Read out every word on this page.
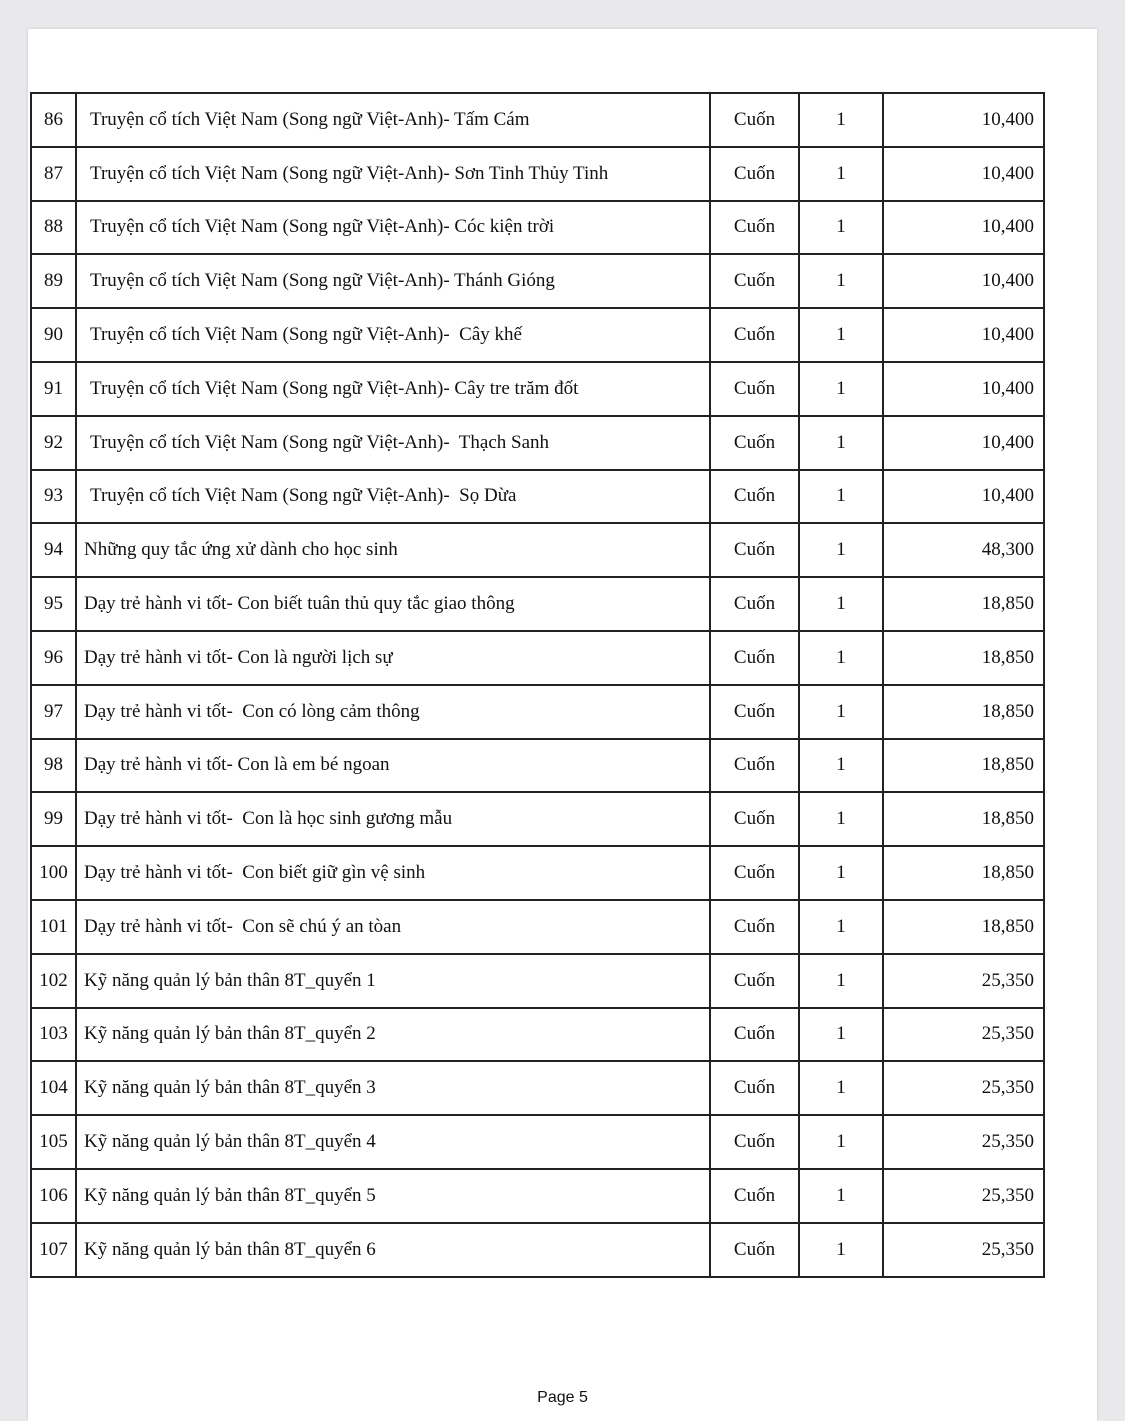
86	Truyện cổ tích Việt Nam (Song ngữ Việt-Anh)- Tấm Cám	Cuốn	1	10,400
87	Truyện cổ tích Việt Nam (Song ngữ Việt-Anh)- Sơn Tinh Thủy Tinh	Cuốn	1	10,400
88	Truyện cổ tích Việt Nam (Song ngữ Việt-Anh)- Cóc kiện trời	Cuốn	1	10,400
89	Truyện cổ tích Việt Nam (Song ngữ Việt-Anh)- Thánh Gióng	Cuốn	1	10,400
90	Truyện cổ tích Việt Nam (Song ngữ Việt-Anh)-  Cây khế	Cuốn	1	10,400
91	Truyện cổ tích Việt Nam (Song ngữ Việt-Anh)- Cây tre trăm đốt	Cuốn	1	10,400
92	Truyện cổ tích Việt Nam (Song ngữ Việt-Anh)-  Thạch Sanh	Cuốn	1	10,400
93	Truyện cổ tích Việt Nam (Song ngữ Việt-Anh)-  Sọ Dừa	Cuốn	1	10,400
94	Những quy tắc ứng xử dành cho học sinh	Cuốn	1	48,300
95	Dạy trẻ hành vi tốt- Con biết tuân thủ quy tắc giao thông	Cuốn	1	18,850
96	Dạy trẻ hành vi tốt- Con là người lịch sự	Cuốn	1	18,850
97	Dạy trẻ hành vi tốt-  Con có lòng cảm thông	Cuốn	1	18,850
98	Dạy trẻ hành vi tốt- Con là em bé ngoan	Cuốn	1	18,850
99	Dạy trẻ hành vi tốt-  Con là học sinh gương mẫu	Cuốn	1	18,850
100	Dạy trẻ hành vi tốt-  Con biết giữ gìn vệ sinh	Cuốn	1	18,850
101	Dạy trẻ hành vi tốt-  Con sẽ chú ý an tòan	Cuốn	1	18,850
102	Kỹ năng quản lý bản thân 8T_quyển 1	Cuốn	1	25,350
103	Kỹ năng quản lý bản thân 8T_quyển 2	Cuốn	1	25,350
104	Kỹ năng quản lý bản thân 8T_quyển 3	Cuốn	1	25,350
105	Kỹ năng quản lý bản thân 8T_quyển 4	Cuốn	1	25,350
106	Kỹ năng quản lý bản thân 8T_quyển 5	Cuốn	1	25,350
107	Kỹ năng quản lý bản thân 8T_quyển 6	Cuốn	1	25,350
Page 5
